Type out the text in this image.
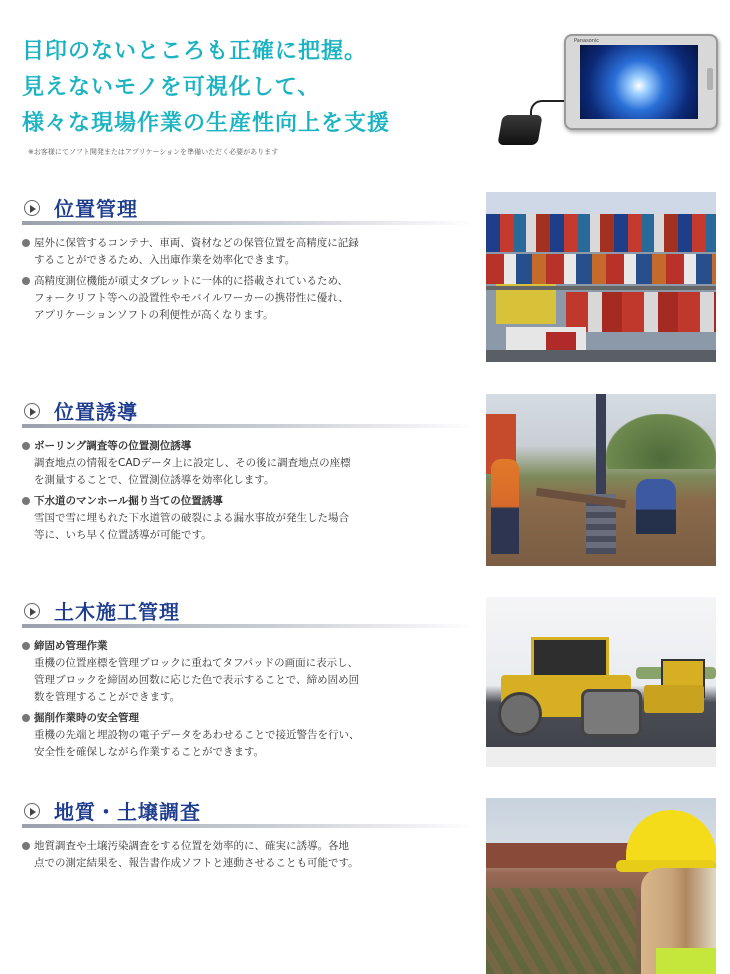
目印のないところも正確に把握。
見えないモノを可視化して、
様々な現場作業の生産性向上を支援
※お客様にてソフト開発またはアプリケーションを準備いただく必要があります
Panasonic
位置管理
屋外に保管するコンテナ、車両、資材などの保管位置を高精度に記録
することができるため、入出庫作業を効率化できます。
高精度測位機能が頑丈タブレットに一体的に搭載されているため、
フォークリフト等への設置性やモバイルワーカーの携帯性に優れ、
アプリケーションソフトの利便性が高くなります。
位置誘導
ボーリング調査等の位置測位誘導
調査地点の情報をCADデータ上に設定し、その後に調査地点の座標
を測量することで、位置測位誘導を効率化します。
下水道のマンホール掘り当ての位置誘導
雪国で雪に埋もれた下水道管の破裂による漏水事故が発生した場合
等に、いち早く位置誘導が可能です。
土木施工管理
締固め管理作業
重機の位置座標を管理ブロックに重ねてタフパッドの画面に表示し、
管理ブロックを締固め回数に応じた色で表示することで、締め固め回
数を管理することができます。
掘削作業時の安全管理
重機の先端と埋設物の電子データをあわせることで接近警告を行い、
安全性を確保しながら作業することができます。
地質・土壌調査
地質調査や土壌汚染調査をする位置を効率的に、確実に誘導。各地
点での測定結果を、報告書作成ソフトと連動させることも可能です。
